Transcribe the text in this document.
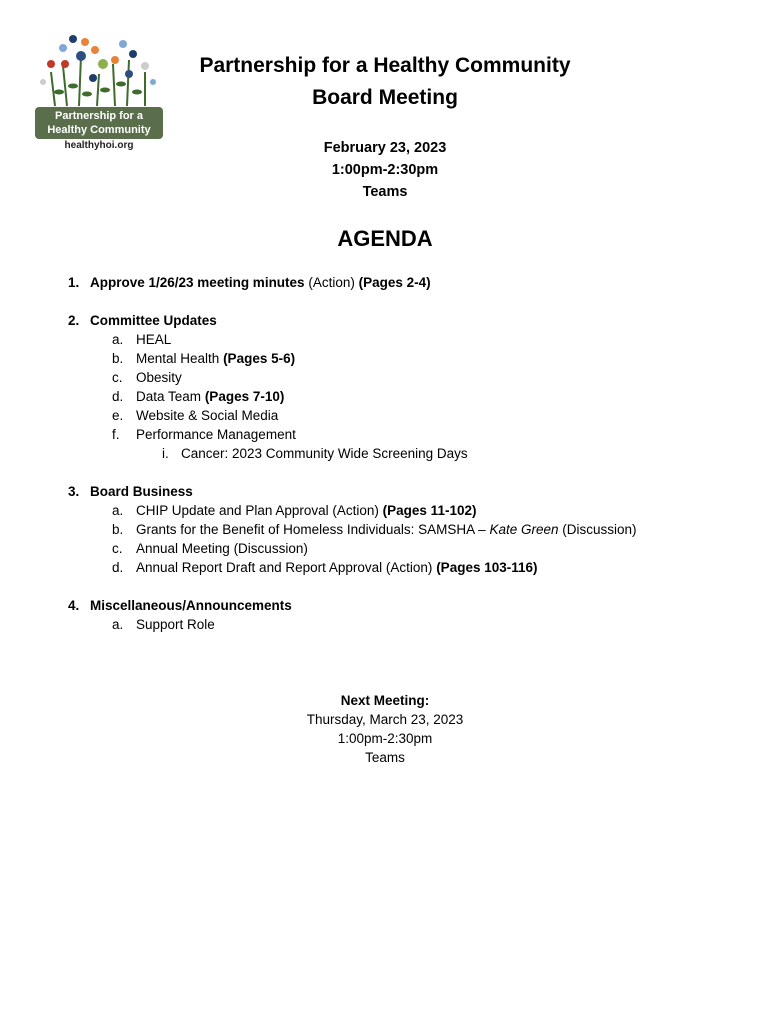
Partnership for a
Healthy Community
healthyhoi.org
Partnership for a Healthy Community
Board Meeting
February 23, 2023
1:00pm-2:30pm
Teams
AGENDA
1. Approve 1/26/23 meeting minutes (Action) (Pages 2-4)
2. Committee Updates
a. HEAL
b. Mental Health (Pages 5-6)
c. Obesity
d. Data Team (Pages 7-10)
e. Website & Social Media
f. Performance Management
i. Cancer: 2023 Community Wide Screening Days
3. Board Business
a. CHIP Update and Plan Approval (Action) (Pages 11-102)
b. Grants for the Benefit of Homeless Individuals: SAMSHA – Kate Green (Discussion)
c. Annual Meeting (Discussion)
d. Annual Report Draft and Report Approval (Action) (Pages 103-116)
4. Miscellaneous/Announcements
a. Support Role
Next Meeting:
Thursday, March 23, 2023
1:00pm-2:30pm
Teams
